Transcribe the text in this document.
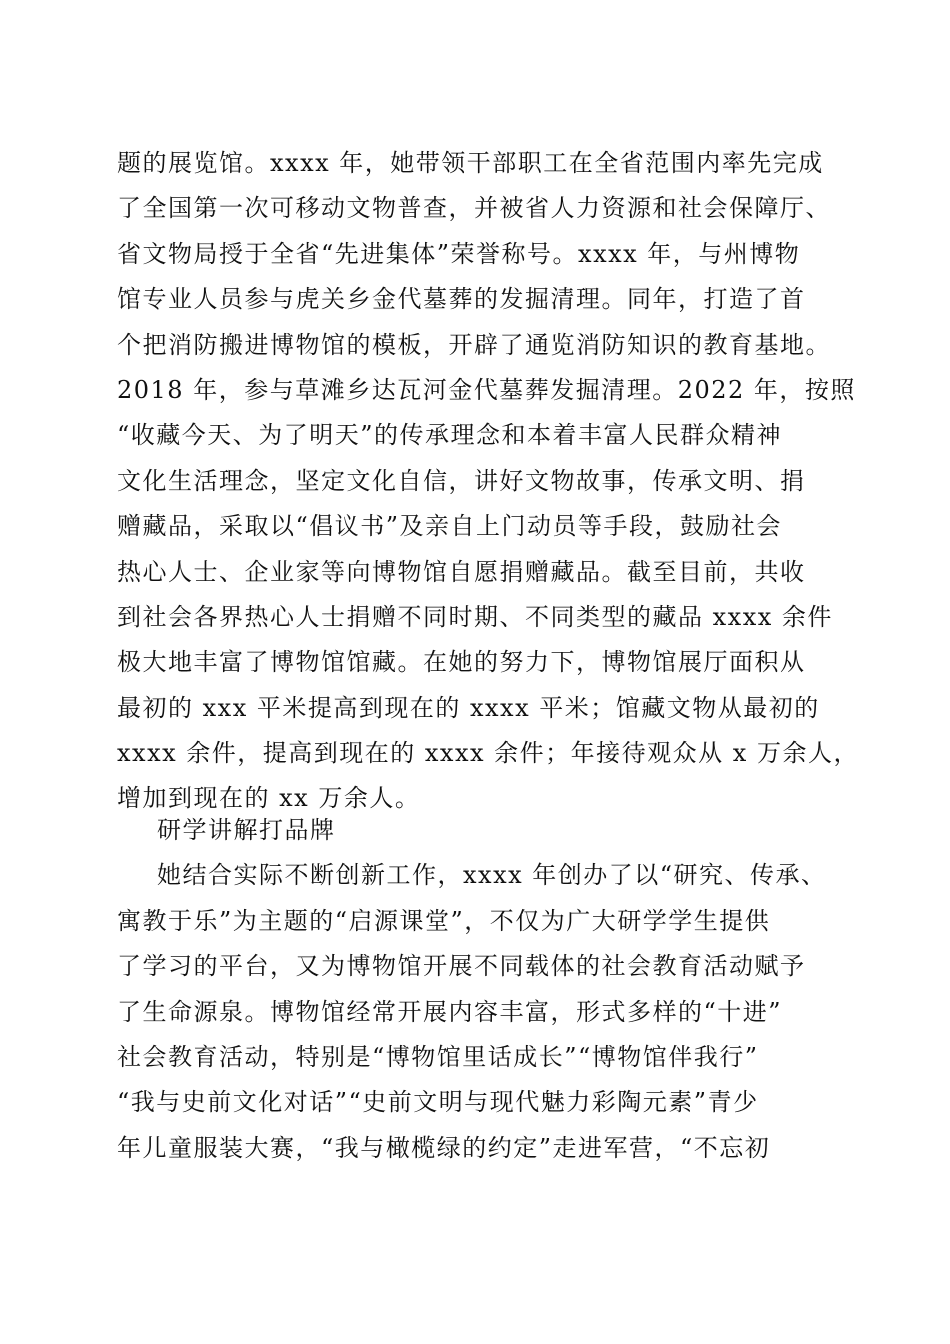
题的展览馆。xxxx 年，她带领干部职工在全省范围内率先完成
了全国第一次可移动文物普查，并被省人力资源和社会保障厅、
省文物局授于全省“先进集体”荣誉称号。xxxx 年，与州博物
馆专业人员参与虎关乡金代墓葬的发掘清理。同年，打造了首
个把消防搬进博物馆的模板，开辟了通览消防知识的教育基地。
2018 年，参与草滩乡达瓦河金代墓葬发掘清理。2022 年，按照
“收藏今天、为了明天”的传承理念和本着丰富人民群众精神
文化生活理念，坚定文化自信，讲好文物故事，传承文明、捐
赠藏品，采取以“倡议书”及亲自上门动员等手段，鼓励社会
热心人士、企业家等向博物馆自愿捐赠藏品。截至目前，共收
到社会各界热心人士捐赠不同时期、不同类型的藏品 xxxx 余件
极大地丰富了博物馆馆藏。在她的努力下，博物馆展厅面积从
最初的 xxx 平米提高到现在的 xxxx 平米；馆藏文物从最初的
xxxx 余件，提高到现在的 xxxx 余件；年接待观众从 x 万余人，
增加到现在的 xx 万余人。
研学讲解打品牌
她结合实际不断创新工作，xxxx 年创办了以“研究、传承、
寓教于乐”为主题的“启源课堂”，不仅为广大研学学生提供
了学习的平台，又为博物馆开展不同载体的社会教育活动赋予
了生命源泉。博物馆经常开展内容丰富，形式多样的“十进”
社会教育活动，特别是“博物馆里话成长”“博物馆伴我行”
“我与史前文化对话”“史前文明与现代魅力彩陶元素”青少
年儿童服装大赛，“我与橄榄绿的约定”走进军营，“不忘初
